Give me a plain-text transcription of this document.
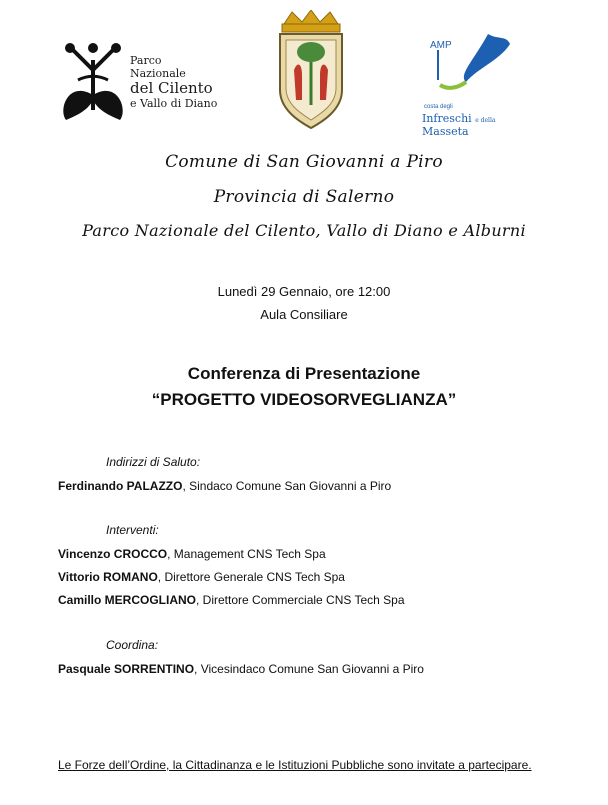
Parco Nazionale
del Cilento
e Vallo di Diano
AMP
costa degli
Infreschi e della Masseta
Comune di San Giovanni a Piro
Provincia di Salerno
Parco Nazionale del Cilento, Vallo di Diano e Alburni
Lunedì 29 Gennaio, ore 12:00
Aula Consiliare
Conferenza di Presentazione
“PROGETTO VIDEOSORVEGLIANZA”
Indirizzi di Saluto:
Ferdinando PALAZZO, Sindaco Comune San Giovanni a Piro
Interventi:
Vincenzo CROCCO, Management CNS Tech Spa
Vittorio ROMANO, Direttore Generale CNS Tech Spa
Camillo MERCOGLIANO, Direttore Commerciale CNS Tech Spa
Coordina:
Pasquale SORRENTINO, Vicesindaco Comune San Giovanni a Piro
Le Forze dell’Ordine, la Cittadinanza e le Istituzioni Pubbliche sono invitate a partecipare.
